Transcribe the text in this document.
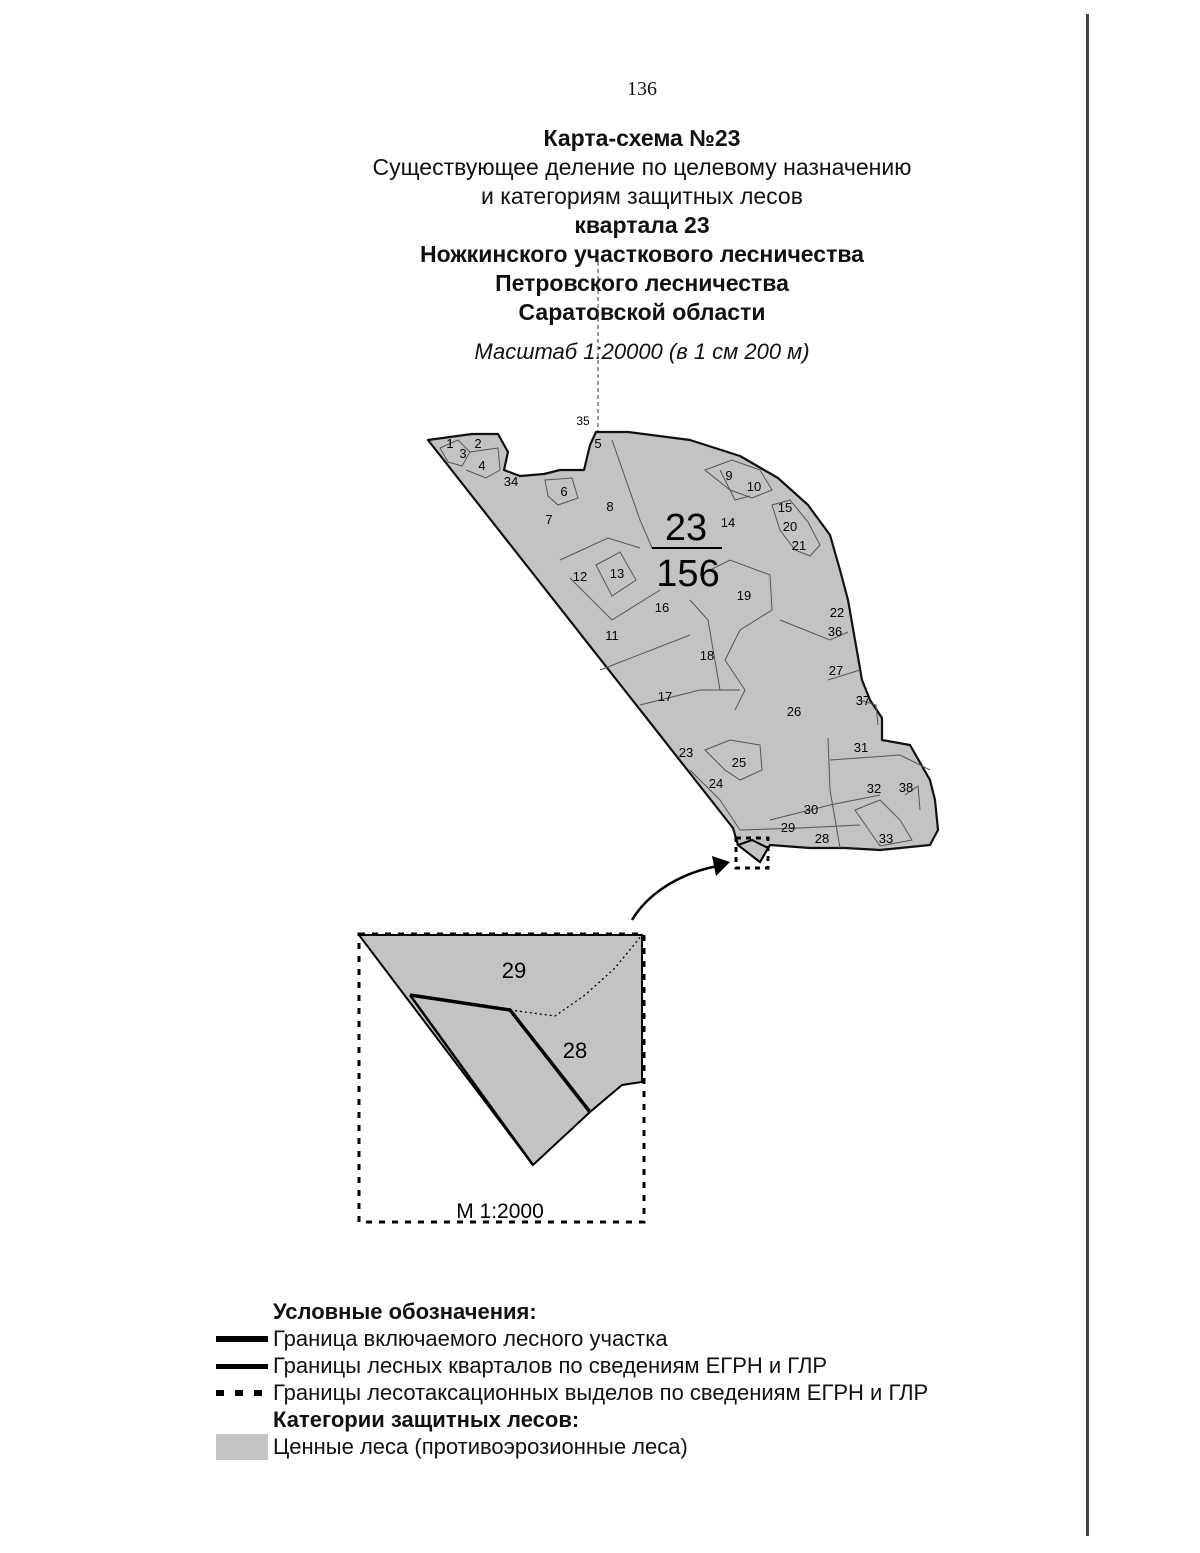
136
Карта-схема №23
Существующее деление по целевому назначению
и категориям защитных лесов
квартала 23
Ножкинского участкового лесничества
Петровского лесничества
Саратовской области
Масштаб 1:20000 (в 1 см 200 м)
23
156
35
1 2
3
4
34
5
6
7
8
9
10
14
15
20
21
12 13
16
19
11
22
36
18
27
17	37
26
23	31
25
24	32 38
30
29
28	33
29
28
М 1:2000
Условные обозначения:
Граница включаемого лесного участка
Границы лесных кварталов по сведениям ЕГРН и ГЛР
Границы лесотаксационных выделов по сведениям ЕГРН и ГЛР
Категории защитных лесов:
Ценные леса (противоэрозионные леса)
